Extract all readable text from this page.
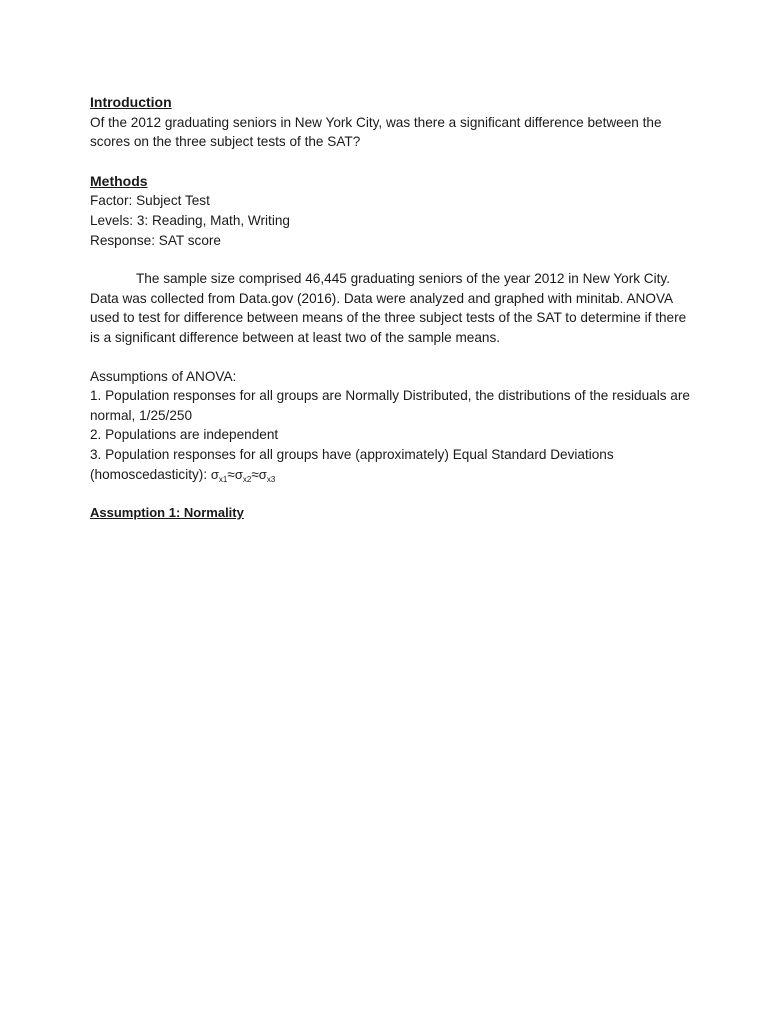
Introduction

Of the 2012 graduating seniors in New York City, was there a significant difference between the scores on the three subject tests of the SAT?

Methods

Factor: Subject Test

Levels: 3: Reading, Math, Writing

Response: SAT score

The sample size comprised 46,445 graduating seniors of the year 2012 in New York City. Data was collected from Data.gov (2016). Data were analyzed and graphed with minitab. ANOVA used to test for difference between means of the three subject tests of the SAT to determine if there is a significant difference between at least two of the sample means.

Assumptions of ANOVA:

1. Population responses for all groups are Normally Distributed, the distributions of the residuals are normal, 1/25/250

2. Populations are independent

3. Population responses for all groups have (approximately) Equal Standard Deviations (homoscedasticity): $\sigma_{x1}\approx\sigma_{x2}\approx\sigma_{x3}$

Assumption 1: Normality
